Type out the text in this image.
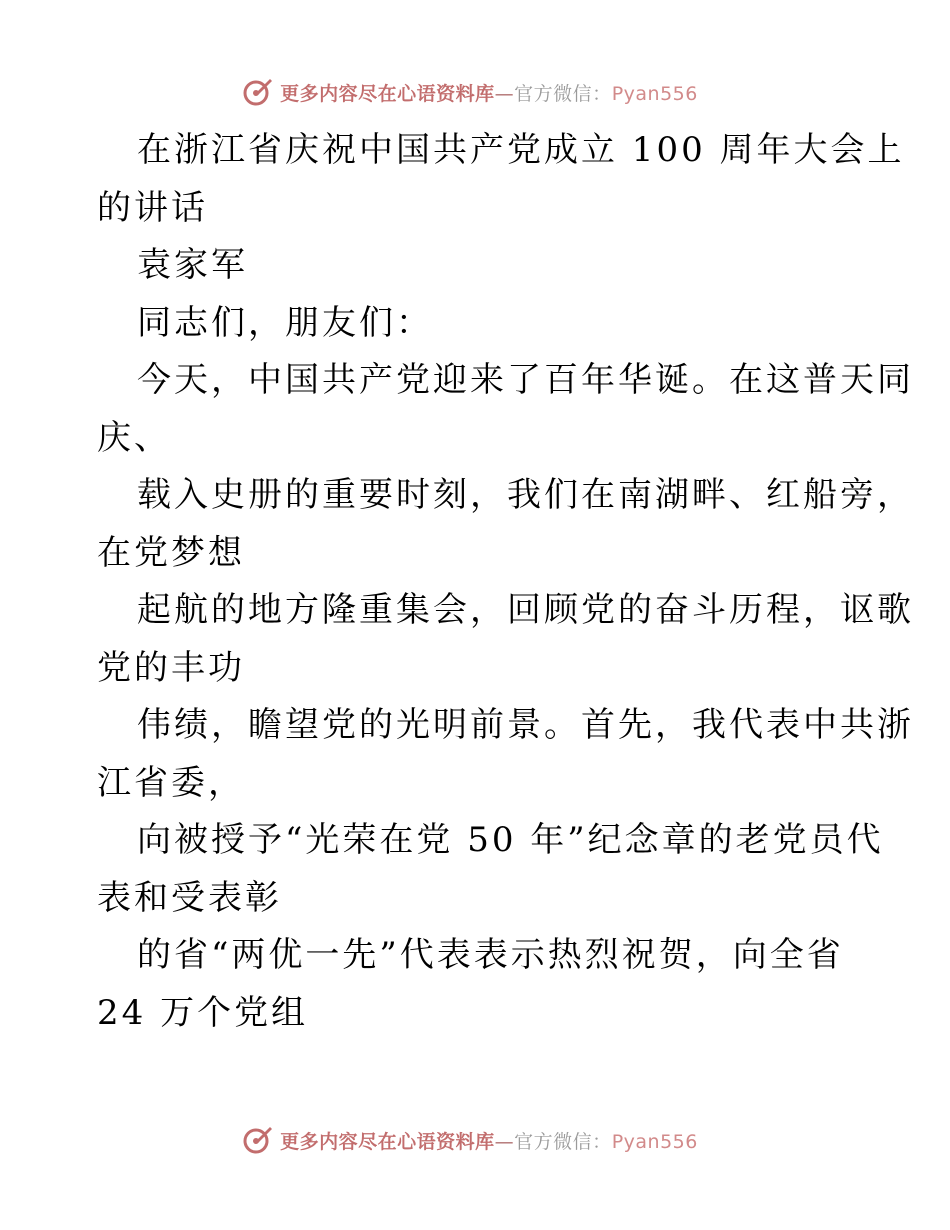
更多内容尽在心语资料库—官方微信：Pyan556
在浙江省庆祝中国共产党成立 100 周年大会上
的讲话
袁家军
同志们，朋友们：
今天，中国共产党迎来了百年华诞。在这普天同
庆、
载入史册的重要时刻，我们在南湖畔、红船旁，
在党梦想
起航的地方隆重集会，回顾党的奋斗历程，讴歌
党的丰功
伟绩，瞻望党的光明前景。首先，我代表中共浙
江省委，
向被授予“光荣在党 50 年”纪念章的老党员代
表和受表彰
的省“两优一先”代表表示热烈祝贺，向全省
24 万个党组
更多内容尽在心语资料库—官方微信：Pyan556
